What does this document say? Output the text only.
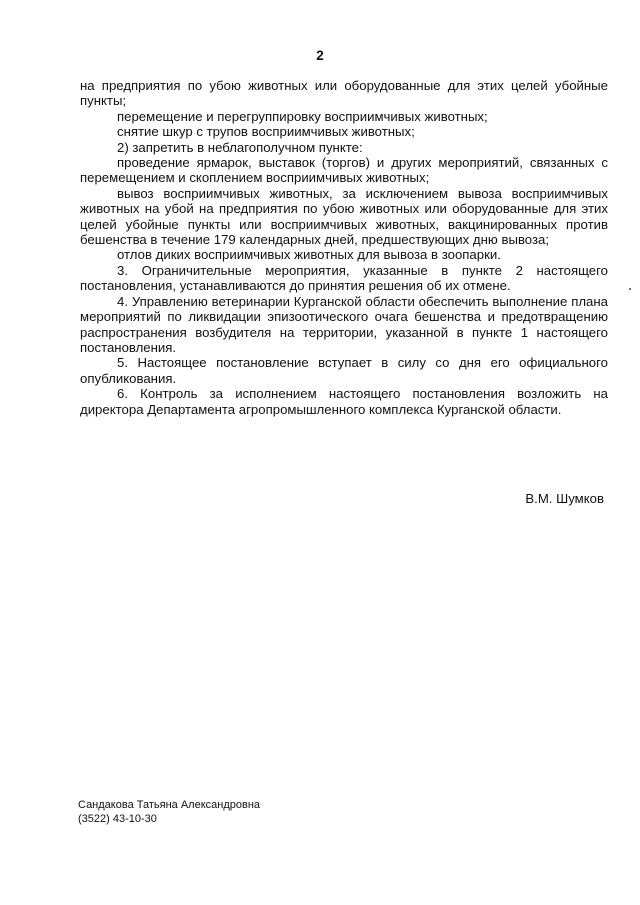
2

на предприятия по убою животных или оборудованные для этих целей убойные пункты;

перемещение и перегруппировку восприимчивых животных;

снятие шкур с трупов восприимчивых животных;

2) запретить в неблагополучном пункте:

проведение ярмарок, выставок (торгов) и других мероприятий, связанных с перемещением и скоплением восприимчивых животных;

вывоз восприимчивых животных, за исключением вывоза восприимчивых животных на убой на предприятия по убою животных или оборудованные для этих целей убойные пункты или восприимчивых животных, вакцинированных против бешенства в течение 179 календарных дней, предшествующих дню вывоза;

отлов диких восприимчивых животных для вывоза в зоопарки.

3. Ограничительные мероприятия, указанные в пункте 2 настоящего постановления, устанавливаются до принятия решения об их отмене.

4. Управлению ветеринарии Курганской области обеспечить выполнение плана мероприятий по ликвидации эпизоотического очага бешенства и предотвращению распространения возбудителя на территории, указанной в пункте 1 настоящего постановления.

5. Настоящее постановление вступает в силу со дня его официального опубликования.

6. Контроль за исполнением настоящего постановления возложить на директора Департамента агропромышленного комплекса Курганской области.

В.М. Шумков
Сандакова Татьяна Александровна
(3522) 43-10-30
